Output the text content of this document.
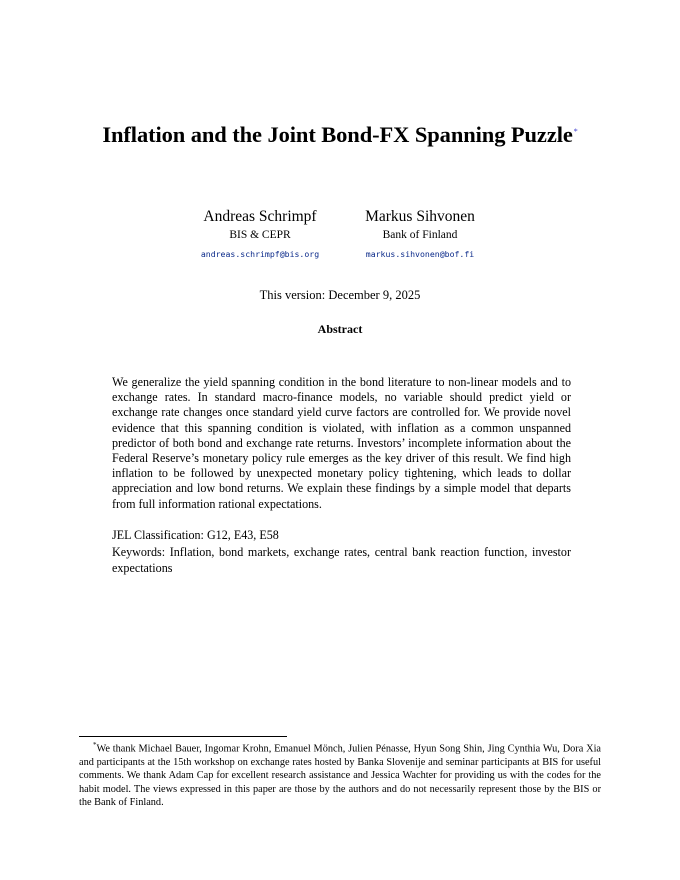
Inflation and the Joint Bond-FX Spanning Puzzle*
Andreas Schrimpf
BIS & CEPR
andreas.schrimpf@bis.org
Markus Sihvonen
Bank of Finland
markus.sihvonen@bof.fi
This version: December 9, 2025
Abstract
We generalize the yield spanning condition in the bond literature to non-linear models and to exchange rates. In standard macro-finance models, no variable should predict yield or exchange rate changes once standard yield curve factors are controlled for. We provide novel evidence that this spanning condition is violated, with inflation as a common unspanned predictor of both bond and exchange rate returns. Investors’ incomplete information about the Federal Reserve’s monetary policy rule emerges as the key driver of this result. We find high inflation to be followed by unexpected monetary policy tightening, which leads to dollar appreciation and low bond returns. We explain these findings by a simple model that departs from full information rational expectations.
JEL Classification: G12, E43, E58
Keywords: Inflation, bond markets, exchange rates, central bank reaction function, investor expectations
*We thank Michael Bauer, Ingomar Krohn, Emanuel Mönch, Julien Pénasse, Hyun Song Shin, Jing Cynthia Wu, Dora Xia and participants at the 15th workshop on exchange rates hosted by Banka Slovenije and seminar participants at BIS for useful comments. We thank Adam Cap for excellent research assistance and Jessica Wachter for providing us with the codes for the habit model. The views expressed in this paper are those by the authors and do not necessarily represent those by the BIS or the Bank of Finland.
